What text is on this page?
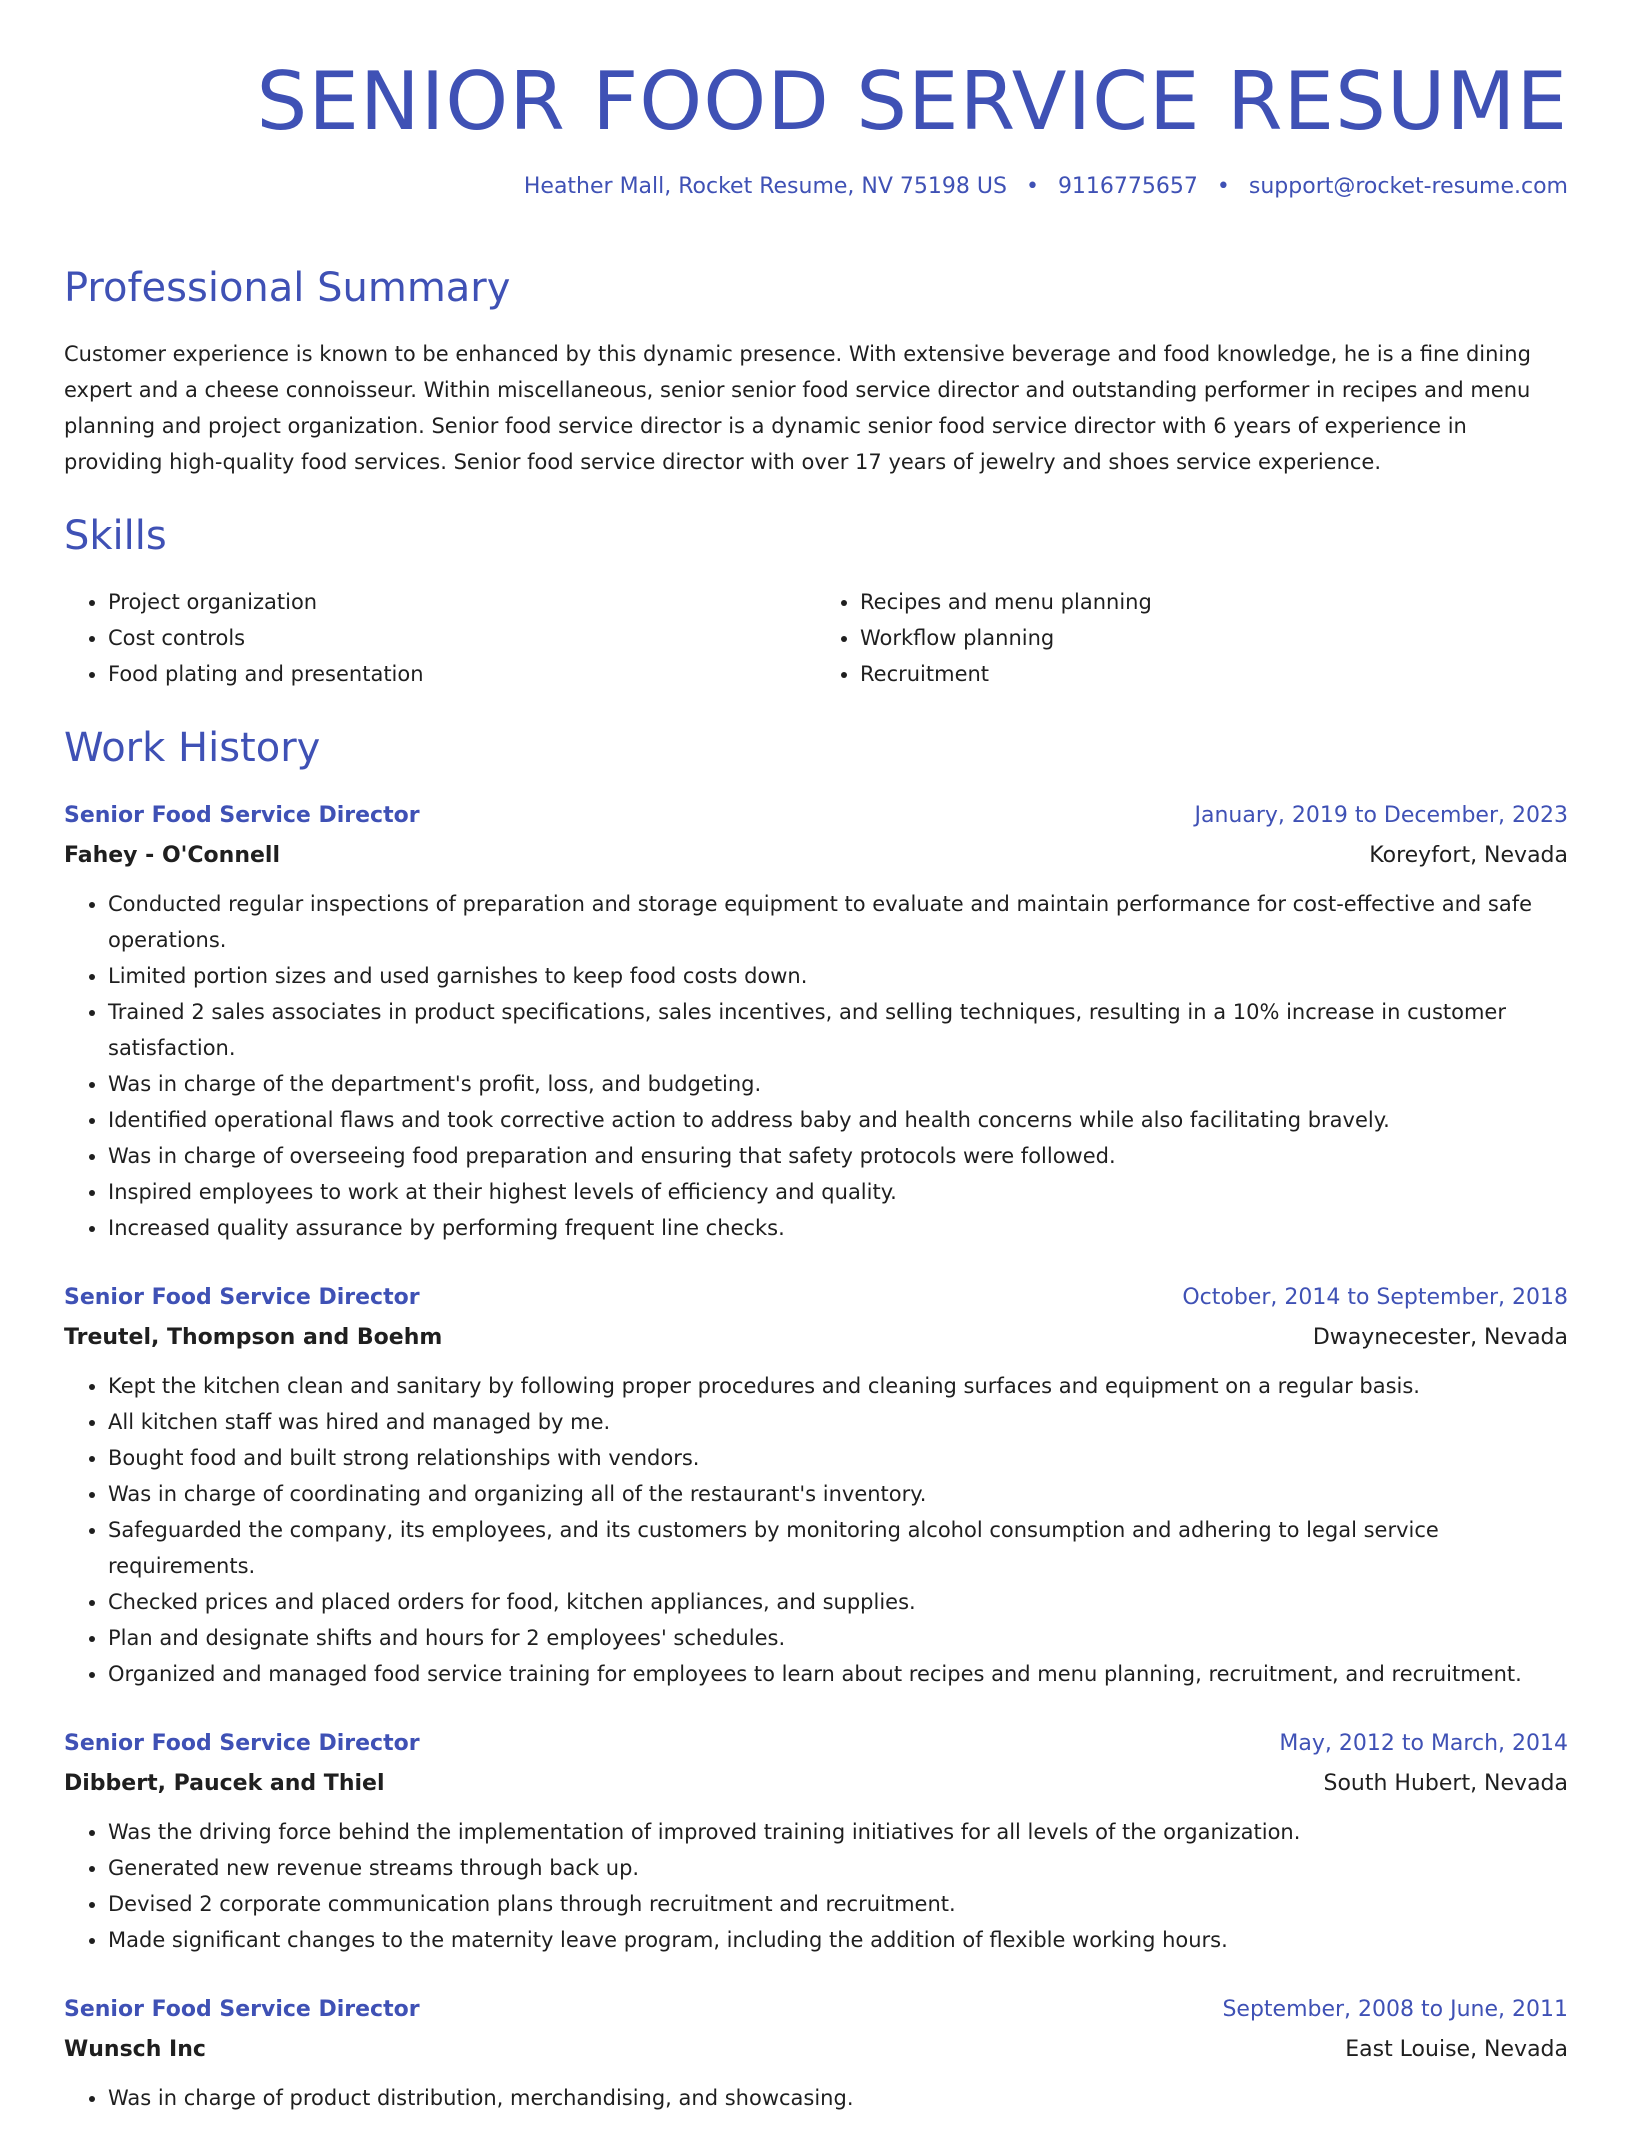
SENIOR FOOD SERVICE RESUME
Heather Mall, Rocket Resume, NV 75198 US • 9116775657 • support@rocket-resume.com
Professional Summary

Customer experience is known to be enhanced by this dynamic presence. With extensive beverage and food knowledge, he is a fine dining expert and a cheese connoisseur. Within miscellaneous, senior senior food service director and outstanding performer in recipes and menu planning and project organization. Senior food service director is a dynamic senior food service director with 6 years of experience in providing high-quality food services. Senior food service director with over 17 years of jewelry and shoes service experience.

Skills
• Project organization
• Cost controls
• Food plating and presentation
• Recipes and menu planning
• Workflow planning
• Recruitment
Work History
Senior Food Service Director	January, 2019 to December, 2023
Fahey - O'Connell	Koreyfort, Nevada
• Conducted regular inspections of preparation and storage equipment to evaluate and maintain performance for cost-effective and safe operations.
• Limited portion sizes and used garnishes to keep food costs down.
• Trained 2 sales associates in product specifications, sales incentives, and selling techniques, resulting in a 10% increase in customer satisfaction.
• Was in charge of the department's profit, loss, and budgeting.
• Identified operational flaws and took corrective action to address baby and health concerns while also facilitating bravely.
• Was in charge of overseeing food preparation and ensuring that safety protocols were followed.
• Inspired employees to work at their highest levels of efficiency and quality.
• Increased quality assurance by performing frequent line checks.
Senior Food Service Director	October, 2014 to September, 2018
Treutel, Thompson and Boehm	Dwaynecester, Nevada
• Kept the kitchen clean and sanitary by following proper procedures and cleaning surfaces and equipment on a regular basis.
• All kitchen staff was hired and managed by me.
• Bought food and built strong relationships with vendors.
• Was in charge of coordinating and organizing all of the restaurant's inventory.
• Safeguarded the company, its employees, and its customers by monitoring alcohol consumption and adhering to legal service requirements.
• Checked prices and placed orders for food, kitchen appliances, and supplies.
• Plan and designate shifts and hours for 2 employees' schedules.
• Organized and managed food service training for employees to learn about recipes and menu planning, recruitment, and recruitment.
Senior Food Service Director	May, 2012 to March, 2014
Dibbert, Paucek and Thiel	South Hubert, Nevada
• Was the driving force behind the implementation of improved training initiatives for all levels of the organization.
• Generated new revenue streams through back up.
• Devised 2 corporate communication plans through recruitment and recruitment.
• Made significant changes to the maternity leave program, including the addition of flexible working hours.
Senior Food Service Director	September, 2008 to June, 2011
Wunsch Inc	East Louise, Nevada
• Was in charge of product distribution, merchandising, and showcasing.
